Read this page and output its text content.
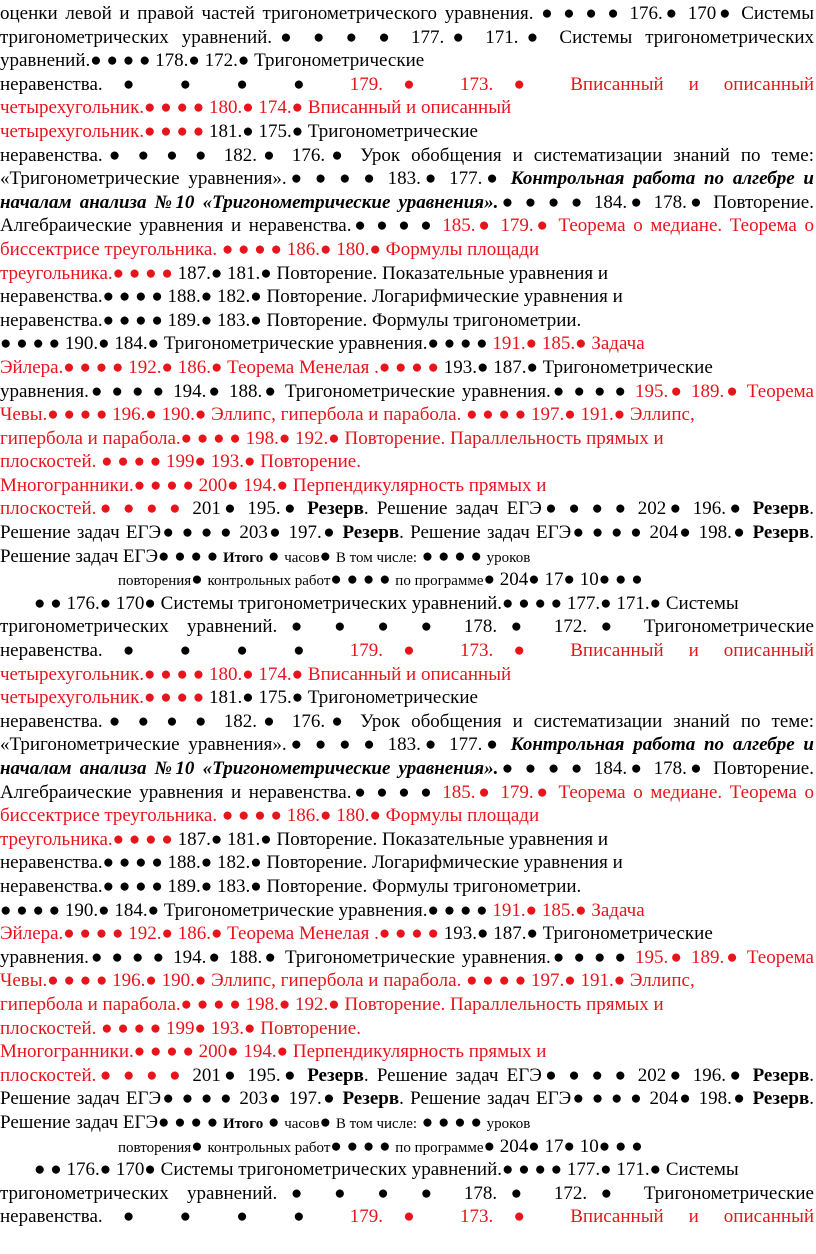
оценки левой и правой частей тригонометрического уравнения. ● ● ● ● 176.● 170● Системы
тригонометрических уравнений.● ● ● ● 177.● 171.● Системы тригонометрических
уравнений.● ● ● ● 178.● 172.● Тригонометрические
неравенства.● ● ● ● 179.● 173.● Вписанный и описанный
четырехугольник.● ● ● ● 180.● 174.● Вписанный и описанный
четырехугольник.● ● ● ● 181.● 175.● Тригонометрические
неравенства.● ● ● ● 182.● 176.● Урок обобщения и систематизации знаний по теме:
«Тригонометрические уравнения».● ● ● ● 183.● 177.● Контрольная работа по алгебре и
началам анализа №10 «Тригонометрические уравнения».● ● ● ● 184.● 178.● Повторение.
Алгебраические уравнения и неравенства.● ● ● ● 185.● 179.● Теорема о медиане. Теорема о
биссектрисе треугольника. ● ● ● ● 186.● 180.● Формулы площади
треугольника.● ● ● ● 187.● 181.● Повторение. Показательные уравнения и
неравенства.● ● ● ● 188.● 182.● Повторение. Логарифмические уравнения и
неравенства.● ● ● ● 189.● 183.● Повторение. Формулы тригонометрии.
● ● ● ● 190.● 184.● Тригонометрические уравнения.● ● ● ● 191.● 185.● Задача
Эйлера.● ● ● ● 192.● 186.● Теорема Менелая .● ● ● ● 193.● 187.● Тригонометрические
уравнения.● ● ● ● 194.● 188.● Тригонометрические уравнения.● ● ● ● 195.● 189.● Теорема
Чевы.● ● ● ● 196.● 190.● Эллипс, гипербола и парабола. ● ● ● ● 197.● 191.● Эллипс,
гипербола и парабола.● ● ● ● 198.● 192.● Повторение. Параллельность прямых и
плоскостей. ● ● ● ● 199● 193.● Повторение.
Многогранники.● ● ● ● 200● 194.● Перпендикулярность прямых и
плоскостей.● ● ● ● 201● 195.● Резерв. Решение задач ЕГЭ● ● ● ● 202● 196.● Резерв.
Решение задач ЕГЭ● ● ● ● 203● 197.● Резерв. Решение задач ЕГЭ● ● ● ● 204● 198.● Резерв.
Решение задач ЕГЭ● ● ● ● Итого ● часов● В том числе: ● ● ● ● уроков
повторения● контрольных работ● ● ● ● по программе● 204● 17● 10● ● ●
● ● 176.● 170● Системы тригонометрических уравнений.● ● ● ● 177.● 171.● Системы
тригонометрических уравнений.● ● ● ● 178.● 172.● Тригонометрические
неравенства.● ● ● ● 179.● 173.● Вписанный и описанный
четырехугольник.● ● ● ● 180.● 174.● Вписанный и описанный
четырехугольник.● ● ● ● 181.● 175.● Тригонометрические
неравенства.● ● ● ● 182.● 176.● Урок обобщения и систематизации знаний по теме:
«Тригонометрические уравнения».● ● ● ● 183.● 177.● Контрольная работа по алгебре и
началам анализа №10 «Тригонометрические уравнения».● ● ● ● 184.● 178.● Повторение.
Алгебраические уравнения и неравенства.● ● ● ● 185.● 179.● Теорема о медиане. Теорема о
биссектрисе треугольника. ● ● ● ● 186.● 180.● Формулы площади
треугольника.● ● ● ● 187.● 181.● Повторение. Показательные уравнения и
неравенства.● ● ● ● 188.● 182.● Повторение. Логарифмические уравнения и
неравенства.● ● ● ● 189.● 183.● Повторение. Формулы тригонометрии.
● ● ● ● 190.● 184.● Тригонометрические уравнения.● ● ● ● 191.● 185.● Задача
Эйлера.● ● ● ● 192.● 186.● Теорема Менелая .● ● ● ● 193.● 187.● Тригонометрические
уравнения.● ● ● ● 194.● 188.● Тригонометрические уравнения.● ● ● ● 195.● 189.● Теорема
Чевы.● ● ● ● 196.● 190.● Эллипс, гипербола и парабола. ● ● ● ● 197.● 191.● Эллипс,
гипербола и парабола.● ● ● ● 198.● 192.● Повторение. Параллельность прямых и
плоскостей. ● ● ● ● 199● 193.● Повторение.
Многогранники.● ● ● ● 200● 194.● Перпендикулярность прямых и
плоскостей.● ● ● ● 201● 195.● Резерв. Решение задач ЕГЭ● ● ● ● 202● 196.● Резерв.
Решение задач ЕГЭ● ● ● ● 203● 197.● Резерв. Решение задач ЕГЭ● ● ● ● 204● 198.● Резерв.
Решение задач ЕГЭ● ● ● ● Итого ● часов● В том числе: ● ● ● ● уроков
повторения● контрольных работ● ● ● ● по программе● 204● 17● 10● ● ●
● ● 176.● 170● Системы тригонометрических уравнений.● ● ● ● 177.● 171.● Системы
тригонометрических уравнений.● ● ● ● 178.● 172.● Тригонометрические
неравенства.● ● ● ● 179.● 173.● Вписанный и описанный
